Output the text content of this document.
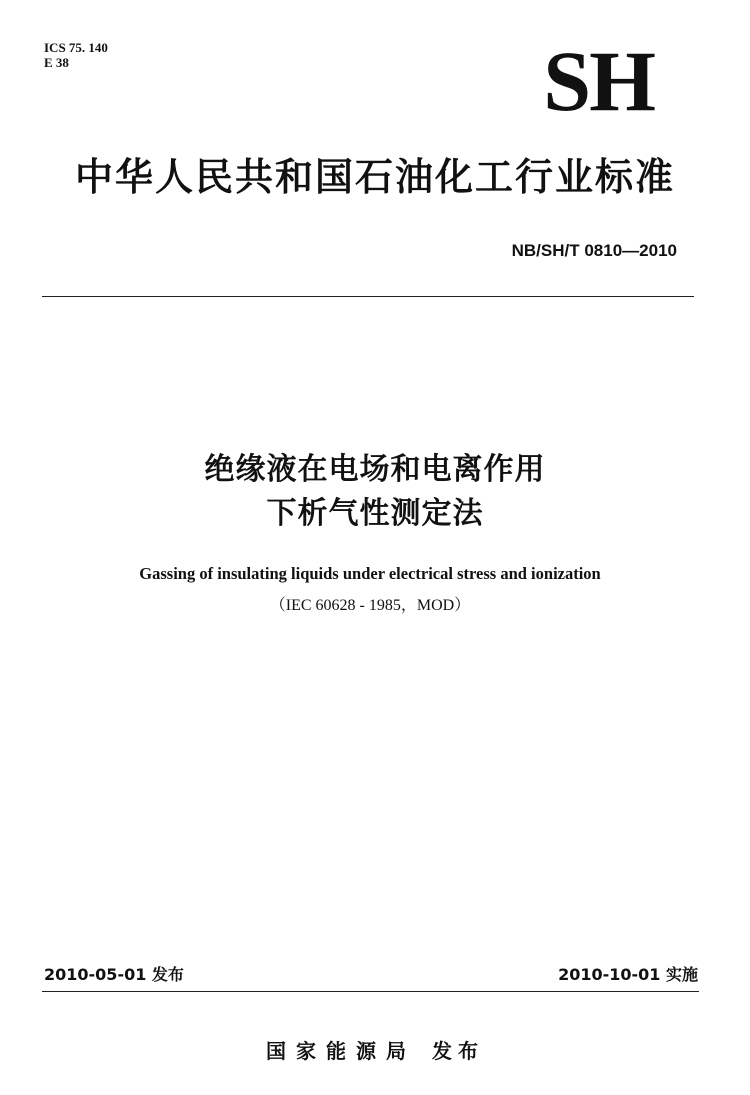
ICS 75. 140
E 38	SH
中华人民共和国石油化工行业标准
NB/SH/T 0810—2010
绝缘液在电场和电离作用
下析气性测定法
Gassing of insulating liquids under electrical stress and ionization
（IEC 60628 - 1985，MOD）
2010-05-01 发布	2010-10-01 实施
国家能源局 发布
